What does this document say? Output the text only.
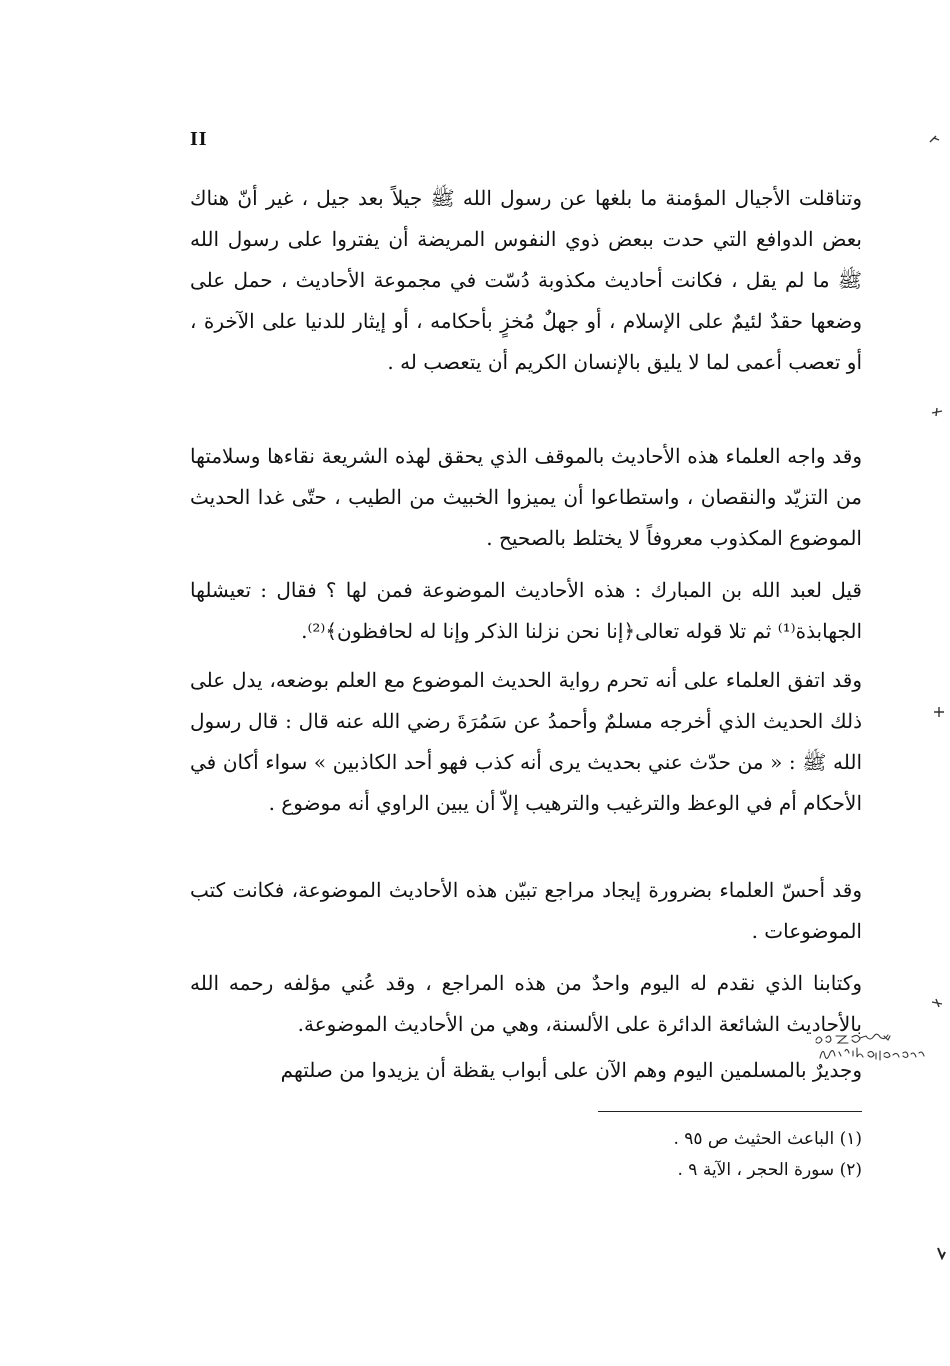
II

وتناقلت الأجيال المؤمنة ما بلغها عن رسول الله ﷺ جيلاً بعد جيل ، غير أنّ هناك بعض الدوافع التي حدت ببعض ذوي النفوس المريضة أن يفتروا على رسول الله ﷺ ما لم يقل ، فكانت أحاديث مكذوبة دُسّت في مجموعة الأحاديث ، حمل على وضعها حقدٌ لئيمٌ على الإسلام ، أو جهلٌ مُخزٍ بأحكامه ، أو إيثار للدنيا على الآخرة ، أو تعصب أعمى لما لا يليق بالإنسان الكريم أن يتعصب له .

وقد واجه العلماء هذه الأحاديث بالموقف الذي يحقق لهذه الشريعة نقاءها وسلامتها من التزيّد والنقصان ، واستطاعوا أن يميزوا الخبيث من الطيب ، حتّى غدا الحديث الموضوع المكذوب معروفاً لا يختلط بالصحيح .

قيل لعبد الله بن المبارك : هذه الأحاديث الموضوعة فمن لها ؟ فقال : تعيشلها الجهابذة⁽¹⁾ ثم تلا قوله تعالى﴿إنا نحن نزلنا الذكر وإنا له لحافظون﴾⁽²⁾.

وقد اتفق العلماء على أنه تحرم رواية الحديث الموضوع مع العلم بوضعه، يدل على ذلك الحديث الذي أخرجه مسلمٌ وأحمدُ عن سَمُرَةَ رضي الله عنه قال : قال رسول الله ﷺ : « من حدّث عني بحديث يرى أنه كذب فهو أحد الكاذبين » سواء أكان في الأحكام أم في الوعظ والترغيب والترهيب إلاّ أن يبين الراوي أنه موضوع .

وقد أحسّ العلماء بضرورة إيجاد مراجع تبيّن هذه الأحاديث الموضوعة، فكانت كتب الموضوعات .

وكتابنا الذي نقدم له اليوم واحدٌ من هذه المراجع ، وقد عُني مؤلفه رحمه الله بالأحاديث الشائعة الدائرة على الألسنة، وهي من الأحاديث الموضوعة.

وجديرٌ بالمسلمين اليوم وهم الآن على أبواب يقظة أن يزيدوا من صلتهم

(١) الباعث الحثيث ص ٩٥ .

(٢) سورة الحجر ، الآية ٩ .
